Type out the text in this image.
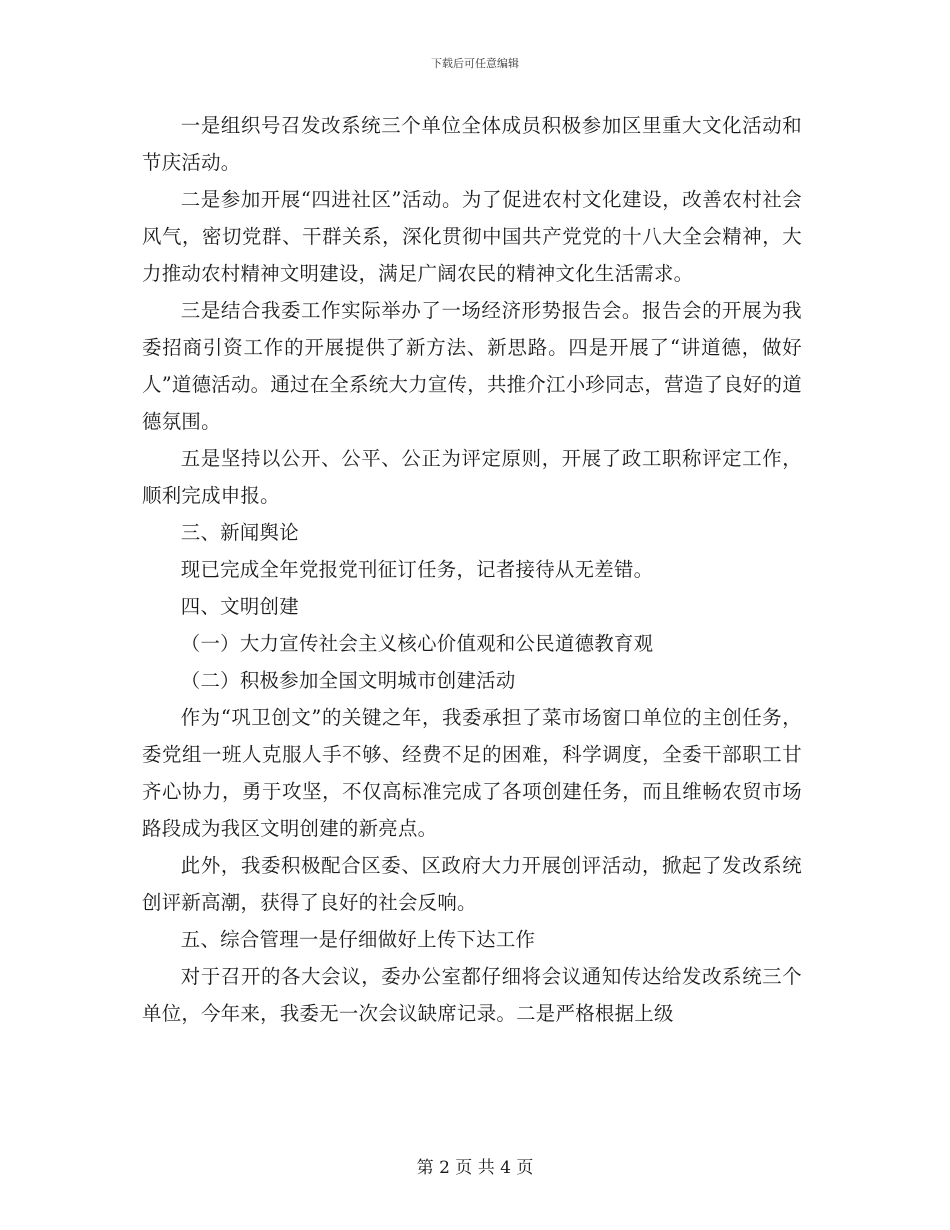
下载后可任意编辑

一是组织号召发改系统三个单位全体成员积极参加区里重大文化活动和节庆活动。

二是参加开展“四进社区”活动。为了促进农村文化建设，改善农村社会风气，密切党群、干群关系，深化贯彻中国共产党党的十八大全会精神，大力推动农村精神文明建设，满足广阔农民的精神文化生活需求。

三是结合我委工作实际举办了一场经济形势报告会。报告会的开展为我委招商引资工作的开展提供了新方法、新思路。四是开展了“讲道德，做好人”道德活动。通过在全系统大力宣传，共推介江小珍同志，营造了良好的道德氛围。

五是坚持以公开、公平、公正为评定原则，开展了政工职称评定工作，顺利完成申报。

三、新闻舆论

现已完成全年党报党刊征订任务，记者接待从无差错。

四、文明创建

（一）大力宣传社会主义核心价值观和公民道德教育观

（二）积极参加全国文明城市创建活动

作为“巩卫创文”的关键之年，我委承担了菜市场窗口单位的主创任务，委党组一班人克服人手不够、经费不足的困难，科学调度，全委干部职工甘齐心协力，勇于攻坚，不仅高标准完成了各项创建任务，而且维畅农贸市场路段成为我区文明创建的新亮点。

此外，我委积极配合区委、区政府大力开展创评活动，掀起了发改系统创评新高潮，获得了良好的社会反响。

五、综合管理一是仔细做好上传下达工作

对于召开的各大会议，委办公室都仔细将会议通知传达给发改系统三个单位，今年来，我委无一次会议缺席记录。二是严格根据上级

第 2 页 共 4 页
